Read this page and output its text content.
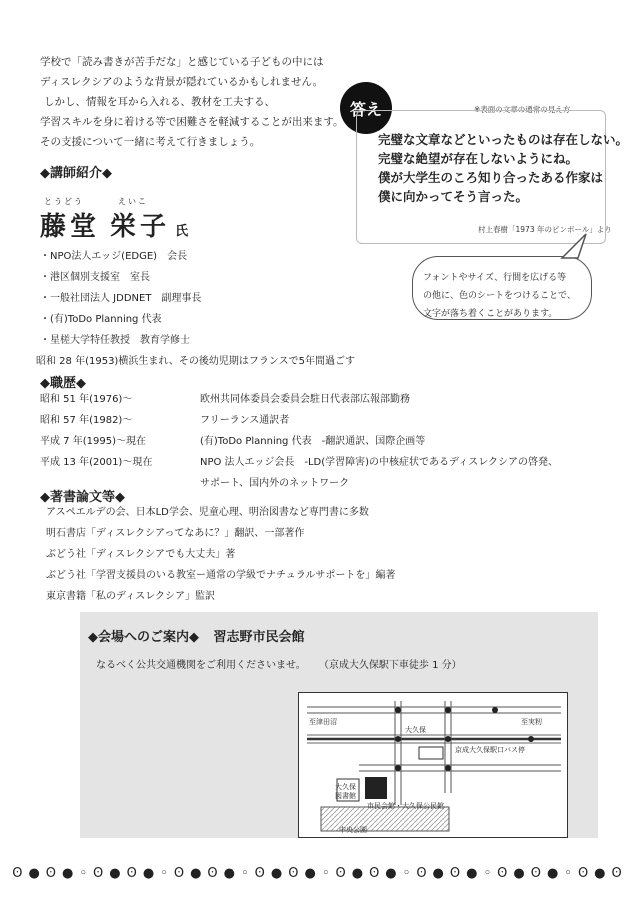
学校で「読み書きが苦手だな」と感じている子どもの中には

ディスレクシアのような背景が隠れているかもしれません。

しかし、情報を耳から入れる、教材を工夫する、

学習スキルを身に着ける等で困難さを軽減することが出来ます。

その支援について一緒に考えて行きましょう。

答え	※表面の文章の通常の見え方

完璧な文章などといったものは存在しない。

完璧な絶望が存在しないようにね。

僕が大学生のころ知り合ったある作家は

僕に向かってそう言った。

村上春樹「1973 年のピンボール」より
◆講師紹介◆
とうどう	えいこ
藤堂 栄子 氏

・NPO法人エッジ(EDGE)　会長

・港区個別支援室　室長

・一般社団法人 JDDNET　副理事長

・(有)ToDo Planning 代表

・星槎大学特任教授　教育学修士

昭和 28 年(1953)横浜生まれ、その後幼児期はフランスで5年間過ごす

フォントやサイズ、行間を広げる等

の他に、色のシートをつけることで、

文字が落ち着くことがあります。

◆職歴◆
昭和 51 年(1976)～	欧州共同体委員会委員会駐日代表部広報部勤務
昭和 57 年(1982)～	フリーランス通訳者
平成 7 年(1995)～現在	(有)ToDo Planning 代表　-翻訳通訳、国際企画等
平成 13 年(2001)～現在	NPO 法人エッジ会長　-LD(学習障害)の中核症状であるディスレクシアの啓発、
サポート、国内外のネットワーク
◆著書論文等◆

アスペエルデの会、日本LD学会、児童心理、明治図書など専門書に多数

明石書店「ディスレクシアってなあに？」翻訳、一部著作

ぶどう社「ディスレクシアでも大丈夫」著

ぶどう社「学習支援員のいる教室ー通常の学級でナチュラルサポートを」編著

東京書籍「私のディスレクシア」監訳

◆会場へのご案内◆ 習志野市民会館
なるべく公共交通機関をご利用くださいませ。 （京成大久保駅下車徒歩 1 分）
至津田沼	至実籾
大久保
京成大久保駅口バス停
大久保図書館
市民会館・大久保公民館
中央公園
ʘ●ʘ●◦ʘ●ʘ●◦ʘ●ʘ●◦ʘ●ʘ●◦ʘ●ʘ●◦ʘ●ʘ●◦ʘ●ʘ●◦ʘ●ʘ
